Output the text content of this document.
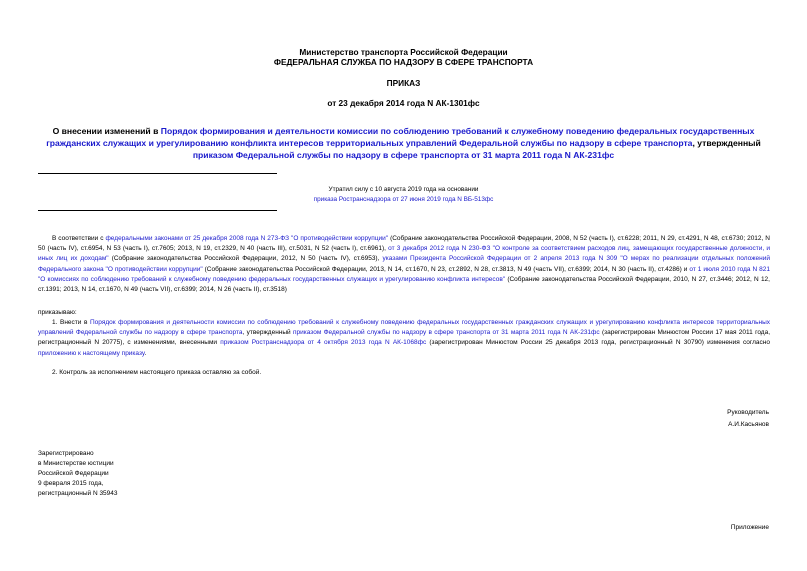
Министерство транспорта Российской Федерации
ФЕДЕРАЛЬНАЯ СЛУЖБА ПО НАДЗОРУ В СФЕРЕ ТРАНСПОРТА
ПРИКАЗ
от 23 декабря 2014 года N АК-1301фс
О внесении изменений в Порядок формирования и деятельности комиссии по соблюдению требований к служебному поведению федеральных государственных гражданских служащих и урегулированию конфликта интересов территориальных управлений Федеральной службы по надзору в сфере транспорта, утвержденный приказом Федеральной службы по надзору в сфере транспорта от 31 марта 2011 года N АК-231фс
Утратил силу с 10 августа 2019 года на основании
приказа Ространснадзора от 27 июня 2019 года N ВБ-513фс
В соответствии с федеральными законами от 25 декабря 2008 года N 273-ФЗ "О противодействии коррупции" (Собрание законодательства Российской Федерации, 2008, N 52 (часть I), ст.6228; 2011, N 29, ст.4291, N 48, ст.6730; 2012, N 50 (часть IV), ст.6954, N 53 (часть I), ст.7605; 2013, N 19, ст.2329, N 40 (часть III), ст.5031, N 52 (часть I), ст.6961), от 3 декабря 2012 года N 230-ФЗ "О контроле за соответствием расходов лиц, замещающих государственные должности, и иных лиц их доходам" (Собрание законодательства Российской Федерации, 2012, N 50 (часть IV), ст.6953), указами Президента Российской Федерации от 2 апреля 2013 года N 309 "О мерах по реализации отдельных положений Федерального закона "О противодействии коррупции" (Собрание законодательства Российской Федерации, 2013, N 14, ст.1670, N 23, ст.2892, N 28, ст.3813, N 49 (часть VII), ст.6399; 2014, N 30 (часть II), ст.4286) и от 1 июля 2010 года N 821 "О комиссиях по соблюдению требований к служебному поведению федеральных государственных служащих и урегулированию конфликта интересов" (Собрание законодательства Российской Федерации, 2010, N 27, ст.3446; 2012, N 12, ст.1391; 2013, N 14, ст.1670, N 49 (часть VII), ст.6399; 2014, N 26 (часть II), ст.3518)
приказываю:
1. Внести в Порядок формирования и деятельности комиссии по соблюдению требований к служебному поведению федеральных государственных гражданских служащих и урегулированию конфликта интересов территориальных управлений Федеральной службы по надзору в сфере транспорта, утвержденный приказом Федеральной службы по надзору в сфере транспорта от 31 марта 2011 года N АК-231фс (зарегистрирован Минюстом России 17 мая 2011 года, регистрационный N 20775), с изменениями, внесенными приказом Ространснадзора от 4 октября 2013 года N АК-1068фс (зарегистрирован Минюстом России 25 декабря 2013 года, регистрационный N 30790) изменения согласно приложению к настоящему приказу.
2. Контроль за исполнением настоящего приказа оставляю за собой.
Руководитель
А.И.Касьянов
Зарегистрировано
в Министерстве юстиции
Российской Федерации
9 февраля 2015 года,
регистрационный N 35943
Приложение
